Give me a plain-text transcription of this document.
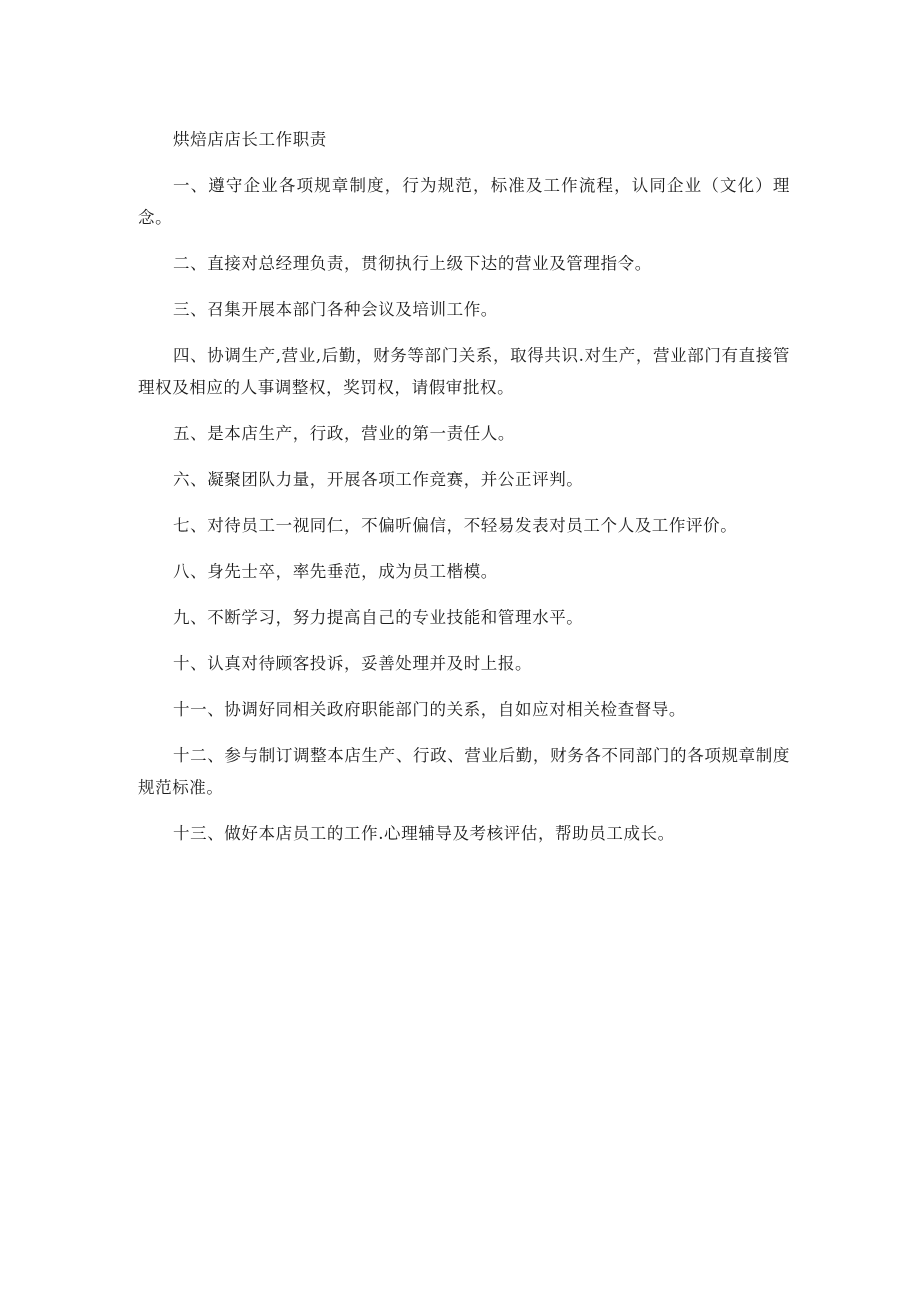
烘焙店店长工作职责

一、遵守企业各项规章制度，行为规范，标准及工作流程，认同企业（文化）理念。

二、直接对总经理负责，贯彻执行上级下达的营业及管理指令。

三、召集开展本部门各种会议及培训工作。

四、协调生产,营业,后勤，财务等部门关系，取得共识.对生产，营业部门有直接管理权及相应的人事调整权，奖罚权，请假审批权。

五、是本店生产，行政，营业的第一责任人。

六、凝聚团队力量，开展各项工作竞赛，并公正评判。

七、对待员工一视同仁，不偏听偏信，不轻易发表对员工个人及工作评价。

八、身先士卒，率先垂范，成为员工楷模。

九、不断学习，努力提高自己的专业技能和管理水平。

十、认真对待顾客投诉，妥善处理并及时上报。

十一、协调好同相关政府职能部门的关系，自如应对相关检查督导。

十二、参与制订调整本店生产、行政、营业后勤，财务各不同部门的各项规章制度规范标准。

十三、做好本店员工的工作.心理辅导及考核评估，帮助员工成长。
